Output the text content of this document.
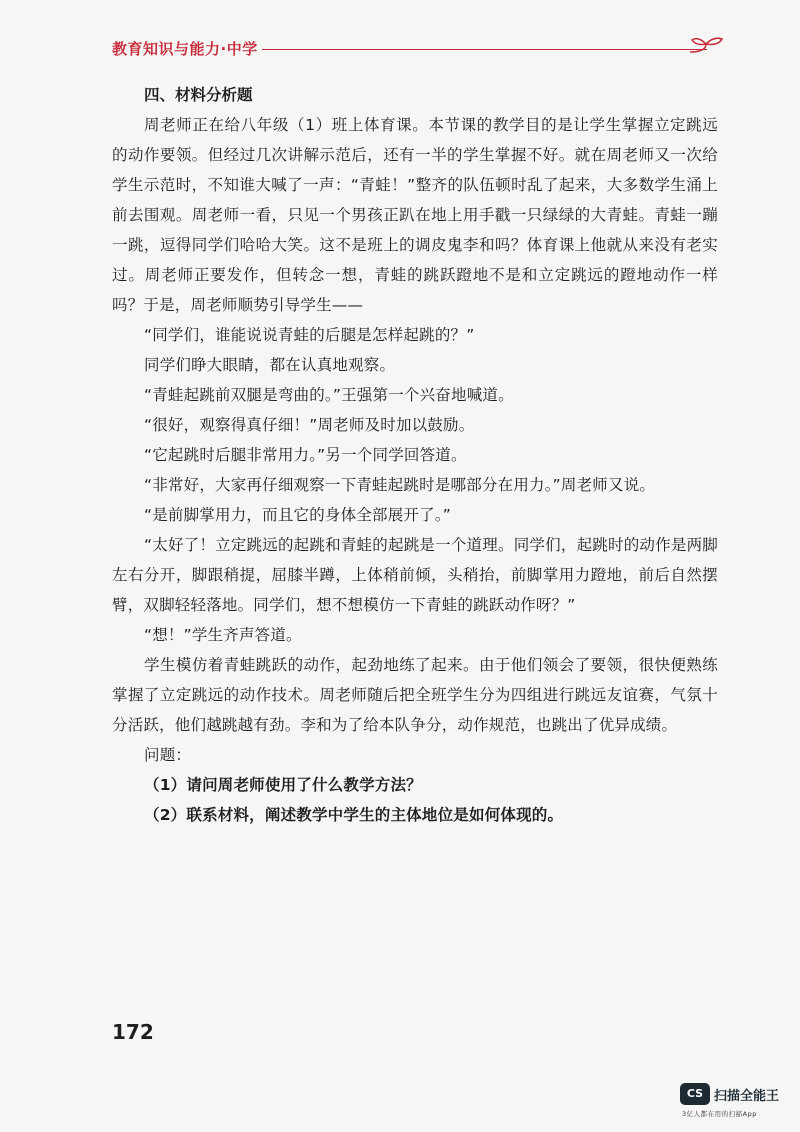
教育知识与能力·中学

四、材料分析题

周老师正在给八年级（1）班上体育课。本节课的教学目的是让学生掌握立定跳远的动作要领。但经过几次讲解示范后，还有一半的学生掌握不好。就在周老师又一次给学生示范时，不知谁大喊了一声：“青蛙！”整齐的队伍顿时乱了起来，大多数学生涌上前去围观。周老师一看，只见一个男孩正趴在地上用手戳一只绿绿的大青蛙。青蛙一蹦一跳，逗得同学们哈哈大笑。这不是班上的调皮鬼李和吗？体育课上他就从来没有老实过。周老师正要发作，但转念一想，青蛙的跳跃蹬地不是和立定跳远的蹬地动作一样吗？于是，周老师顺势引导学生——

“同学们，谁能说说青蛙的后腿是怎样起跳的？”

同学们睁大眼睛，都在认真地观察。

“青蛙起跳前双腿是弯曲的。”王强第一个兴奋地喊道。

“很好，观察得真仔细！”周老师及时加以鼓励。

“它起跳时后腿非常用力。”另一个同学回答道。

“非常好，大家再仔细观察一下青蛙起跳时是哪部分在用力。”周老师又说。

“是前脚掌用力，而且它的身体全部展开了。”

“太好了！立定跳远的起跳和青蛙的起跳是一个道理。同学们，起跳时的动作是两脚左右分开，脚跟稍提，屈膝半蹲，上体稍前倾，头稍抬，前脚掌用力蹬地，前后自然摆臂，双脚轻轻落地。同学们，想不想模仿一下青蛙的跳跃动作呀？”

“想！”学生齐声答道。

学生模仿着青蛙跳跃的动作，起劲地练了起来。由于他们领会了要领，很快便熟练掌握了立定跳远的动作技术。周老师随后把全班学生分为四组进行跳远友谊赛，气氛十分活跃，他们越跳越有劲。李和为了给本队争分，动作规范，也跳出了优异成绩。

问题：

（1）请问周老师使用了什么教学方法？

（2）联系材料，阐述教学中学生的主体地位是如何体现的。

172
CS 扫描全能王
3亿人都在用的扫描App
